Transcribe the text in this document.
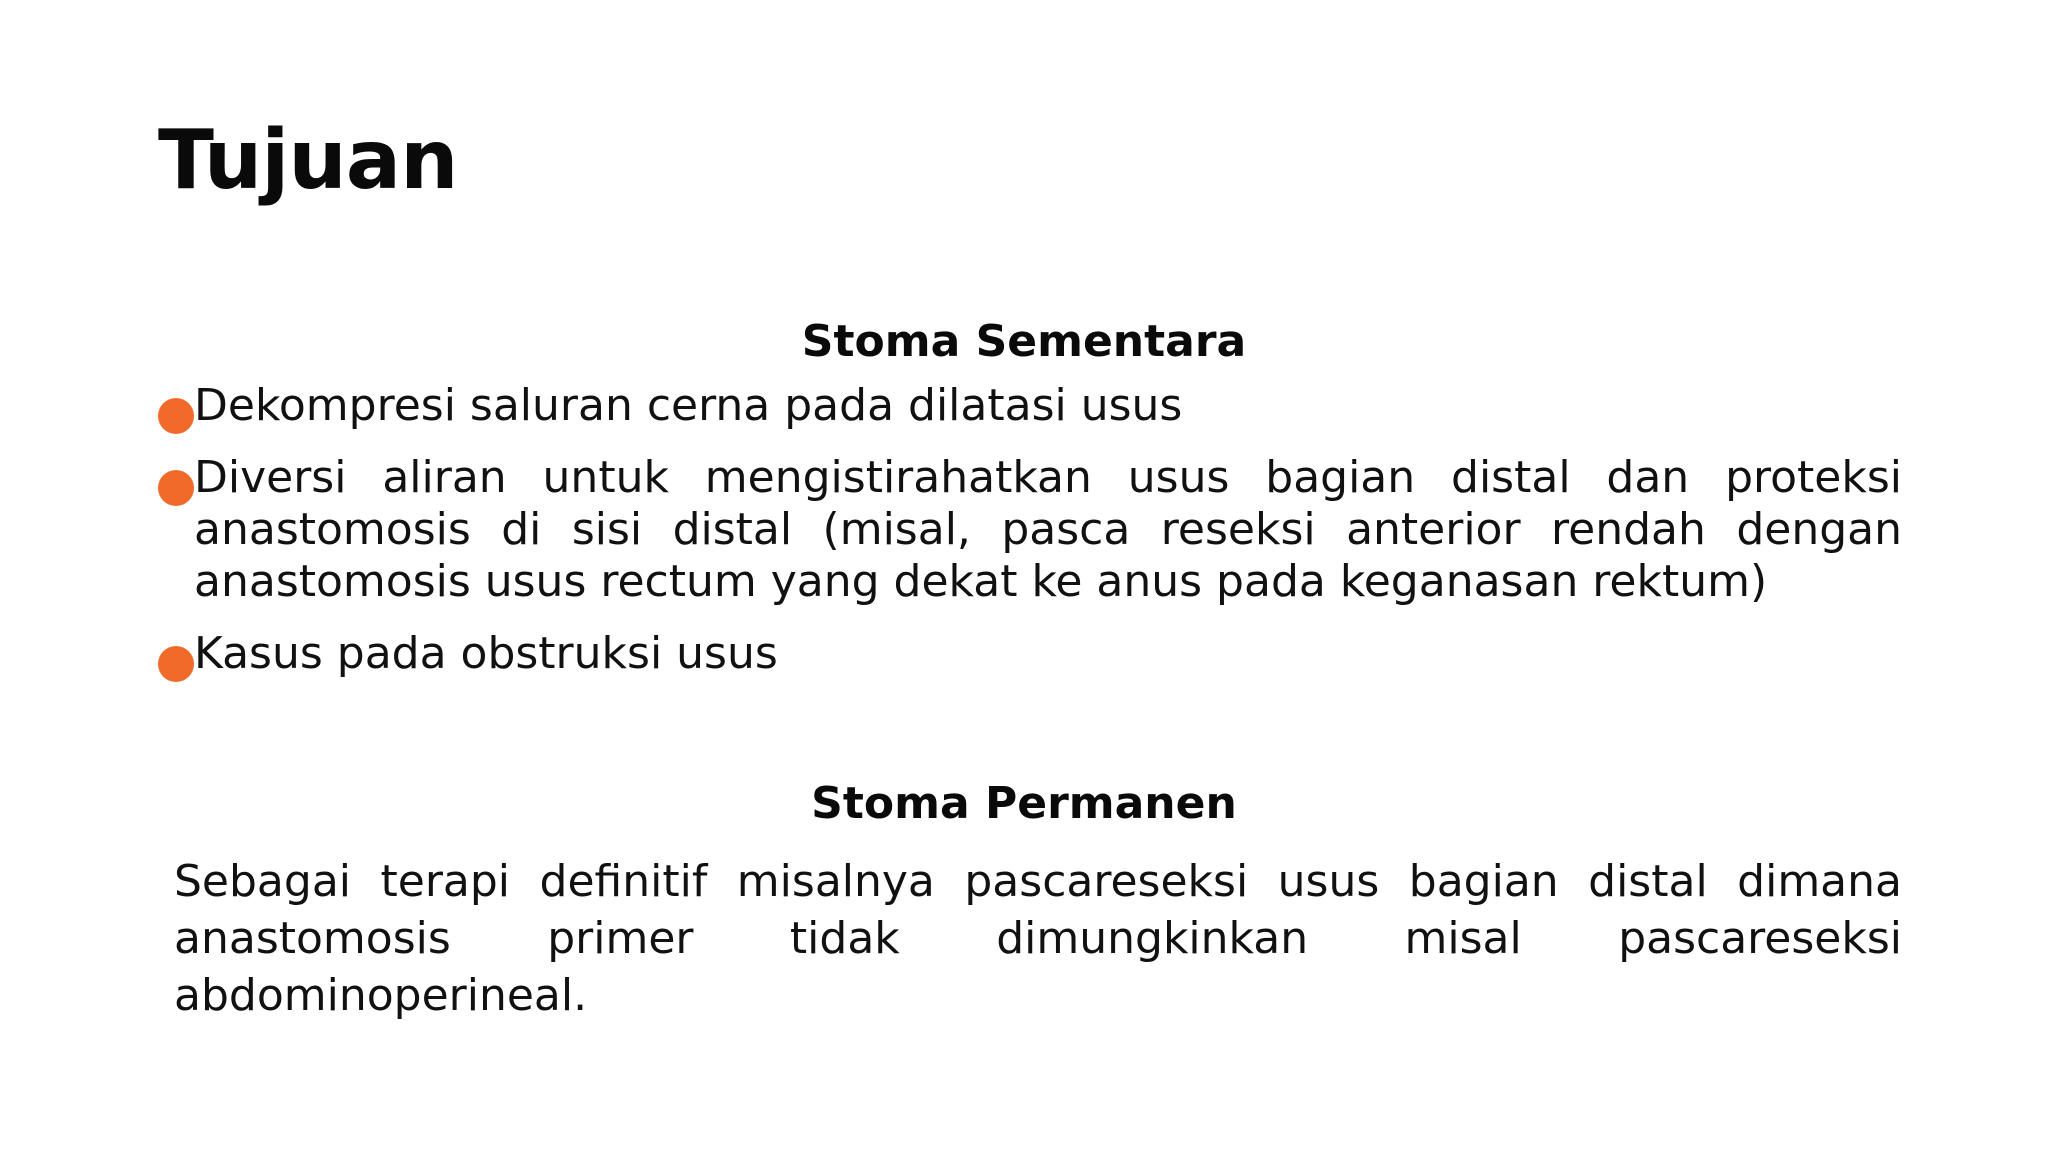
Tujuan
Stoma Sementara
Dekompresi saluran cerna pada dilatasi usus
Diversi aliran untuk mengistirahatkan usus bagian distal dan proteksi anastomosis di sisi distal (misal, pasca reseksi anterior rendah dengan anastomosis usus rectum yang dekat ke anus pada keganasan rektum)
Kasus pada obstruksi usus
Stoma Permanen
Sebagai terapi definitif misalnya pascareseksi usus bagian distal dimana anastomosis primer tidak dimungkinkan misal pascareseksi abdominoperineal.
